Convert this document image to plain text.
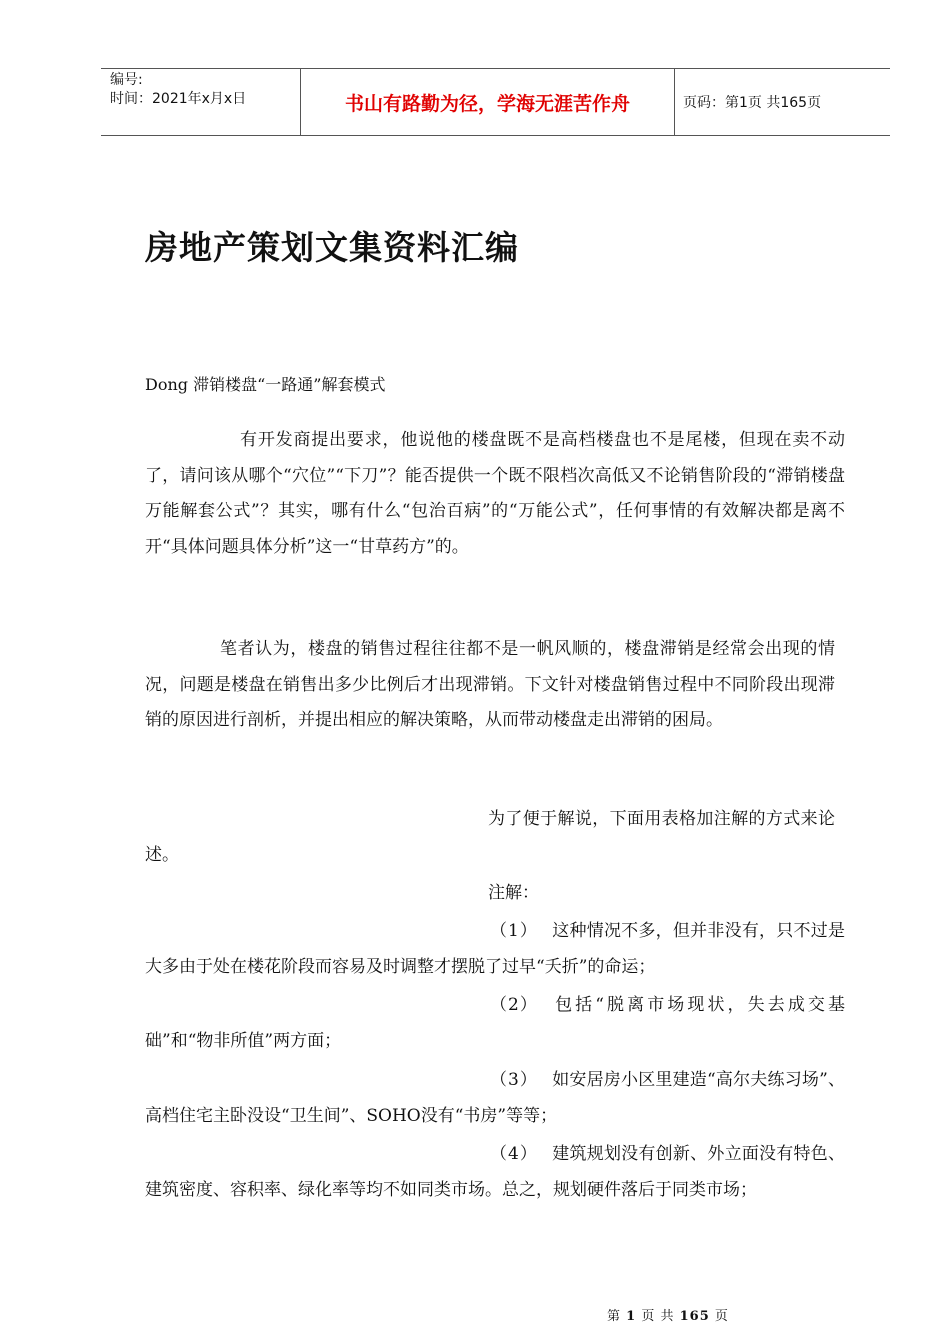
编号:
时间：2021年x月x日	书山有路勤为径，学海无涯苦作舟	页码：第1页 共165页
房地产策划文集资料汇编
Dong 滞销楼盘“一路通”解套模式

有开发商提出要求，他说他的楼盘既不是高档楼盘也不是尾楼，但现在卖不动了，请问该从哪个“穴位”“下刀”？能否提供一个既不限档次高低又不论销售阶段的“滞销楼盘万能解套公式”？其实，哪有什么“包治百病”的“万能公式”，任何事情的有效解决都是离不开“具体问题具体分析”这一“甘草药方”的。

笔者认为，楼盘的销售过程往往都不是一帆风顺的，楼盘滞销是经常会出现的情况，问题是楼盘在销售出多少比例后才出现滞销。下文针对楼盘销售过程中不同阶段出现滞销的原因进行剖析，并提出相应的解决策略，从而带动楼盘走出滞销的困局。

为了便于解说，下面用表格加注解的方式来论述。

注解：

（1） 这种情况不多，但并非没有，只不过是大多由于处在楼花阶段而容易及时调整才摆脱了过早“夭折”的命运；

（2） 包括“脱离市场现状，失去成交基础”和“物非所值”两方面；

（3） 如安居房小区里建造“高尔夫练习场”、高档住宅主卧没设“卫生间”、SOHO没有“书房”等等；

（4） 建筑规划没有创新、外立面没有特色、建筑密度、容积率、绿化率等均不如同类市场。总之，规划硬件落后于同类市场；

第 1 页 共 165 页
